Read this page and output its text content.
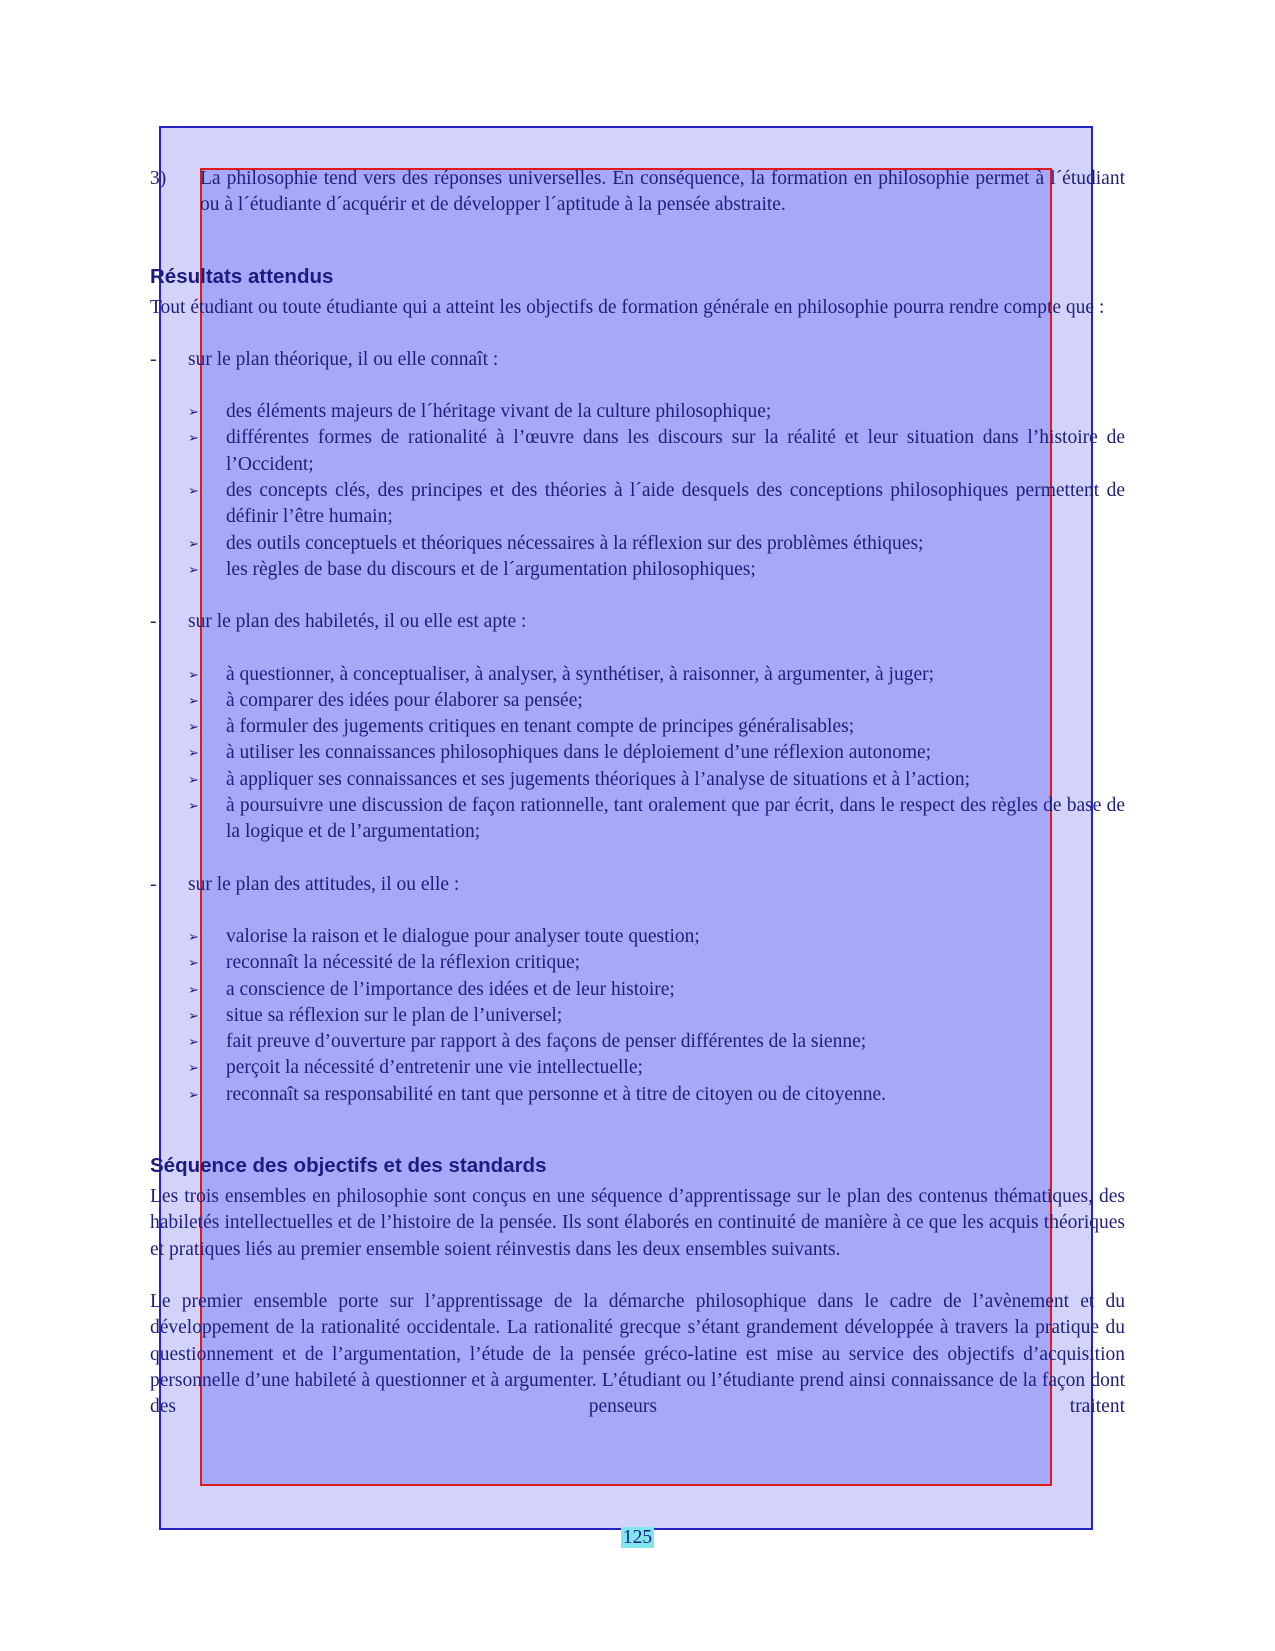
3)	La philosophie tend vers des réponses universelles. En conséquence, la formation en philosophie permet à l´étudiant ou à l´étudiante d´acquérir et de développer l´aptitude à la pensée abstraite.
Résultats attendus

Tout étudiant ou toute étudiante qui a atteint les objectifs de formation générale en philosophie pourra rendre compte que :

-	sur le plan théorique, il ou elle connaît :
➢	des éléments majeurs de l´héritage vivant de la culture philosophique;
➢	différentes formes de rationalité à l’œuvre dans les discours sur la réalité et leur situation dans l’histoire de l’Occident;
➢	des concepts clés, des principes et des théories à l´aide desquels des conceptions philosophiques permettent de définir l’être humain;
➢	des outils conceptuels et théoriques nécessaires à la réflexion sur des problèmes éthiques;
➢	les règles de base du discours et de l´argumentation philosophiques;
-	sur le plan des habiletés, il ou elle est apte :
➢	à questionner, à conceptualiser, à analyser, à synthétiser, à raisonner, à argumenter, à juger;
➢	à comparer des idées pour élaborer sa pensée;
➢	à formuler des jugements critiques en tenant compte de principes généralisables;
➢	à utiliser les connaissances philosophiques dans le déploiement d’une réflexion autonome;
➢	à appliquer ses connaissances et ses jugements théoriques à l’analyse de situations et à l’action;
➢	à poursuivre une discussion de façon rationnelle, tant oralement que par écrit, dans le respect des règles de base de la logique et de l’argumentation;
-	sur le plan des attitudes, il ou elle :
➢	valorise la raison et le dialogue pour analyser toute question;
➢	reconnaît la nécessité de la réflexion critique;
➢	a conscience de l’importance des idées et de leur histoire;
➢	situe sa réflexion sur le plan de l’universel;
➢	fait preuve d’ouverture par rapport à des façons de penser différentes de la sienne;
➢	perçoit la nécessité d’entretenir une vie intellectuelle;
➢	reconnaît sa responsabilité en tant que personne et à titre de citoyen ou de citoyenne.
Séquence des objectifs et des standards

Les trois ensembles en philosophie sont conçus en une séquence d’apprentissage sur le plan des contenus thématiques, des habiletés intellectuelles et de l’histoire de la pensée. Ils sont élaborés en continuité de manière à ce que les acquis théoriques et pratiques liés au premier ensemble soient réinvestis dans les deux ensembles suivants.

Le premier ensemble porte sur l’apprentissage de la démarche philosophique dans le cadre de l’avènement et du développement de la rationalité occidentale. La rationalité grecque s’étant grandement développée à travers la pratique du questionnement et de l’argumentation, l’étude de la pensée gréco-latine est mise au service des objectifs d’acquisition personnelle d’une habileté à questionner et à argumenter. L’étudiant ou l’étudiante prend ainsi connaissance de la façon dont des penseurs traitent

125
